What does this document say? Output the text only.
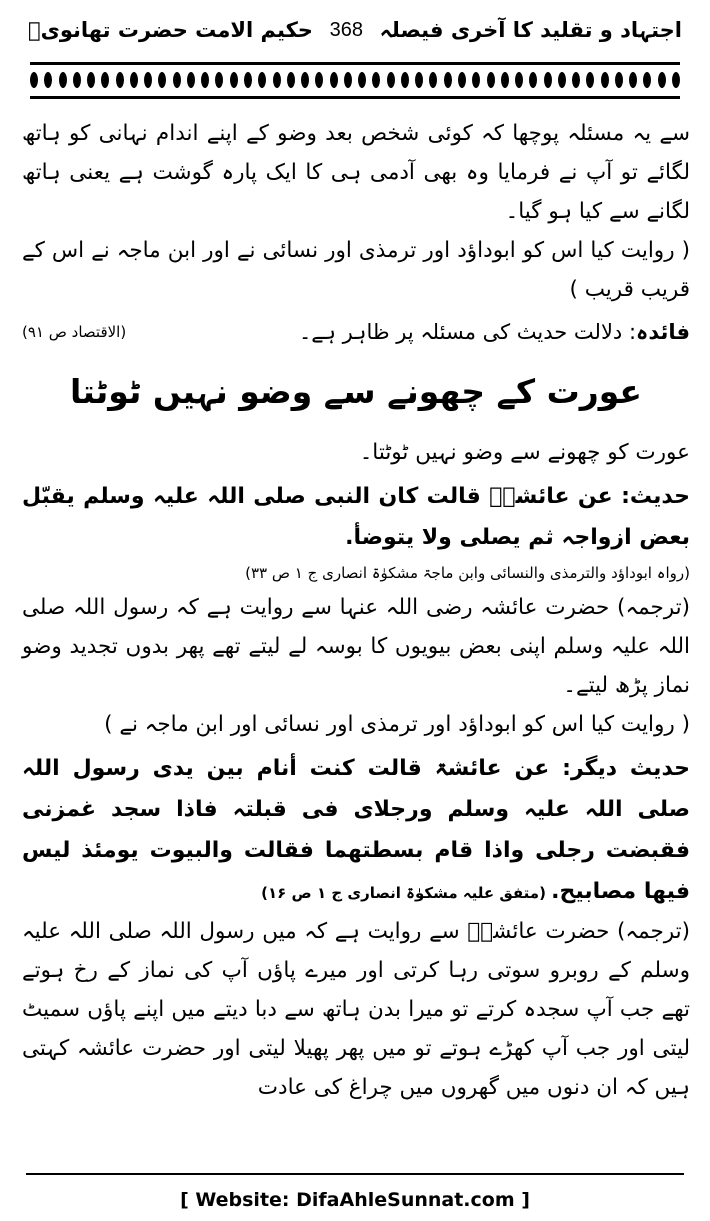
حکیم الامت حضرت تھانویؒ 368 اجتہاد و تقلید کا آخری فیصلہ

سے یہ مسئلہ پوچھا کہ کوئی شخص بعد وضو کے اپنے اندام نہانی کو ہاتھ لگائے تو آپ نے فرمایا وہ بھی آدمی ہی کا ایک پارہ گوشت ہے یعنی ہاتھ لگانے سے کیا ہو گیا۔

( روایت کیا اس کو ابوداؤد اور ترمذی اور نسائی نے اور ابن ماجہ نے اس کے قریب قریب )

فائدہ: دلالت حدیث کی مسئلہ پر ظاہر ہے۔
(الاقتصاد ص ۹۱)
عورت کے چھونے سے وضو نہیں ٹوٹتا

عورت کو چھونے سے وضو نہیں ٹوٹتا۔

حدیث: عن عائشہؓ قالت کان النبی صلی اللہ علیہ وسلم یقبّل بعض ازواجہ ثم یصلی ولا یتوضأ.

(رواہ ابوداؤد والترمذی والنسائی وابن ماجۃ مشکوٰۃ انصاری ج ۱ ص ۳۳)

(ترجمہ) حضرت عائشہ رضی اللہ عنہا سے روایت ہے کہ رسول اللہ صلی اللہ علیہ وسلم اپنی بعض بیویوں کا بوسہ لے لیتے تھے پھر بدوں تجدید وضو نماز پڑھ لیتے۔

( روایت کیا اس کو ابوداؤد اور ترمذی اور نسائی اور ابن ماجہ نے )

حدیث دیگر: عن عائشۃ قالت کنت أنام بین یدی رسول اللہ صلی اللہ علیہ وسلم ورجلای فی قبلتہ فاذا سجد غمزنی فقبضت رجلی واذا قام بسطتھما فقالت والبیوت یومئذ لیس فیھا مصابیح. (متفق علیہ مشکوٰۃ انصاری ج ۱ ص ۱۶)

(ترجمہ) حضرت عائشہؓ سے روایت ہے کہ میں رسول اللہ صلی اللہ علیہ وسلم کے روبرو سوتی رہا کرتی اور میرے پاؤں آپ کی نماز کے رخ ہوتے تھے جب آپ سجدہ کرتے تو میرا بدن ہاتھ سے دبا دیتے میں اپنے پاؤں سمیٹ لیتی اور جب آپ کھڑے ہوتے تو میں پھر پھیلا لیتی اور حضرت عائشہ کہتی ہیں کہ ان دنوں میں گھروں میں چراغ کی عادت

[ Website: DifaAhleSunnat.com ]
